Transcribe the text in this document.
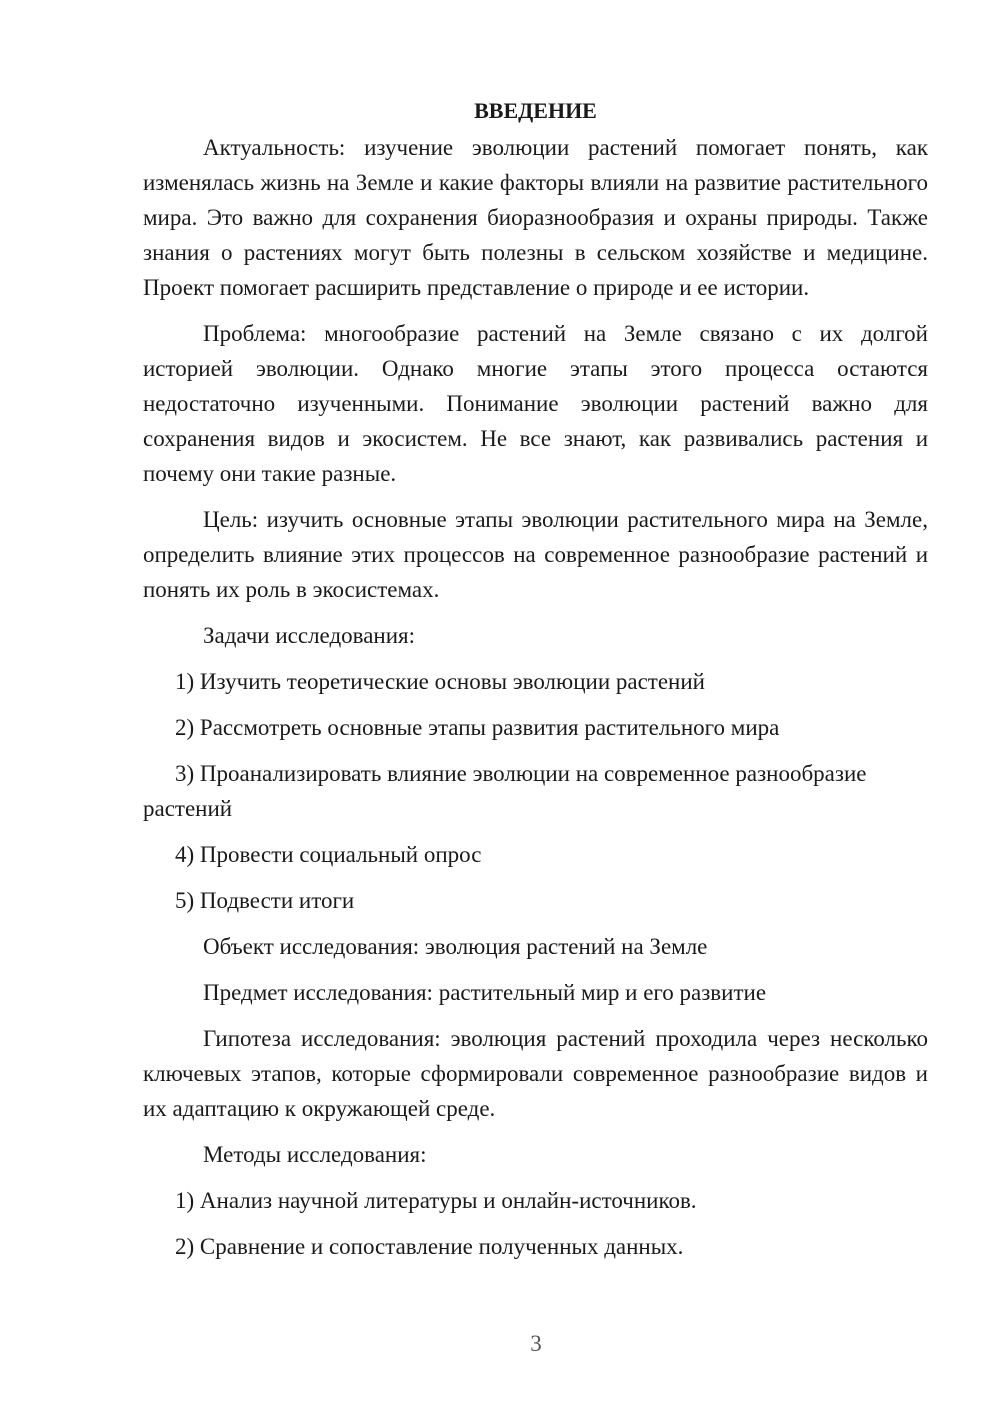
ВВЕДЕНИЕ

Актуальность: изучение эволюции растений помогает понять, как изменялась жизнь на Земле и какие факторы влияли на развитие растительного мира. Это важно для сохранения биоразнообразия и охраны природы. Также знания о растениях могут быть полезны в сельском хозяйстве и медицине. Проект помогает расширить представление о природе и ее истории.

Проблема: многообразие растений на Земле связано с их долгой историей эволюции. Однако многие этапы этого процесса остаются недостаточно изученными. Понимание эволюции растений важно для сохранения видов и экосистем. Не все знают, как развивались растения и почему они такие разные.

Цель: изучить основные этапы эволюции растительного мира на Земле, определить влияние этих процессов на современное разнообразие растений и понять их роль в экосистемах.

Задачи исследования:

1) Изучить теоретические основы эволюции растений

2) Рассмотреть основные этапы развития растительного мира

3) Проанализировать влияние эволюции на современное разнообразие растений

4) Провести социальный опрос

5) Подвести итоги

Объект исследования: эволюция растений на Земле

Предмет исследования: растительный мир и его развитие

Гипотеза исследования: эволюция растений проходила через несколько ключевых этапов, которые сформировали современное разнообразие видов и их адаптацию к окружающей среде.

Методы исследования:

1) Анализ научной литературы и онлайн-источников.

2) Сравнение и сопоставление полученных данных.

3
